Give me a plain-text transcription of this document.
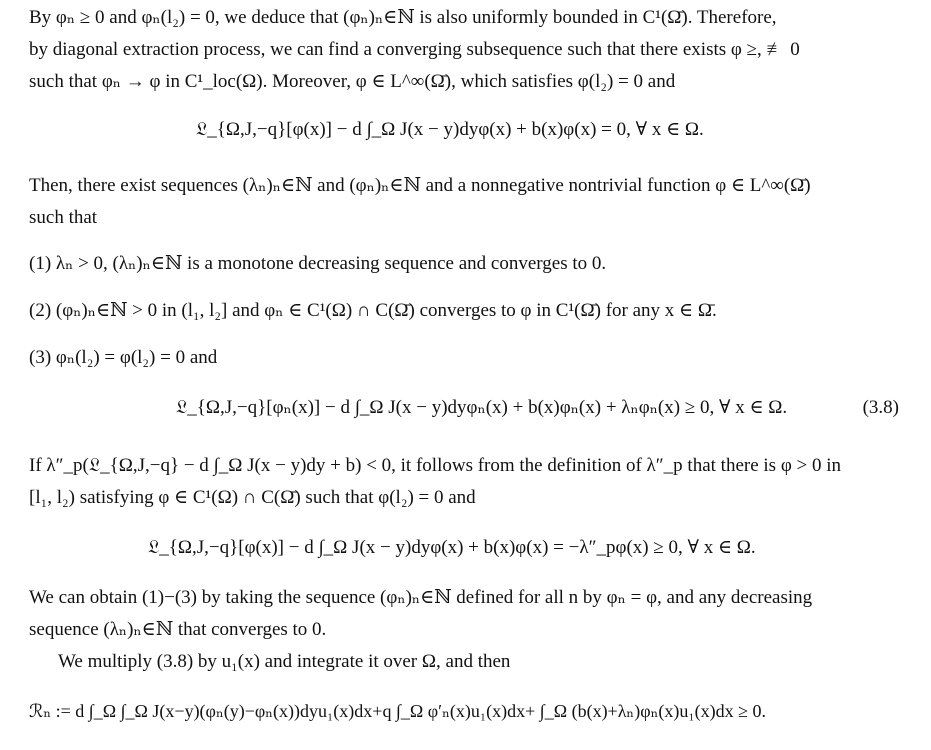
By φₙ ≥ 0 and φₙ(l₂) = 0, we deduce that (φₙ)ₙ∈ℕ is also uniformly bounded in C¹(Ω̄). Therefore,
by diagonal extraction process, we can find a converging subsequence such that there exists φ ≥, ≢ 0
such that φₙ → φ in C¹_loc(Ω). Moreover, φ ∈ L^∞(Ω̄), which satisfies φ(l₂) = 0 and
𝔏_{Ω,J,−q}[φ(x)] − d ∫_Ω J(x − y)dyφ(x) + b(x)φ(x) = 0, ∀ x ∈ Ω.
Then, there exist sequences (λₙ)ₙ∈ℕ and (φₙ)ₙ∈ℕ and a nonnegative nontrivial function φ ∈ L^∞(Ω̄)
such that
(1) λₙ > 0, (λₙ)ₙ∈ℕ is a monotone decreasing sequence and converges to 0.
(2) (φₙ)ₙ∈ℕ > 0 in (l₁, l₂] and φₙ ∈ C¹(Ω) ∩ C(Ω̄) converges to φ in C¹(Ω̄) for any x ∈ Ω̄.
(3) φₙ(l₂) = φ(l₂) = 0 and
𝔏_{Ω,J,−q}[φₙ(x)] − d ∫_Ω J(x − y)dyφₙ(x) + b(x)φₙ(x) + λₙφₙ(x) ≥ 0, ∀ x ∈ Ω.	(3.8)
If λ″_p(𝔏_{Ω,J,−q} − d ∫_Ω J(x − y)dy + b) < 0, it follows from the definition of λ″_p that there is φ > 0 in
[l₁, l₂) satisfying φ ∈ C¹(Ω) ∩ C(Ω̄) such that φ(l₂) = 0 and
𝔏_{Ω,J,−q}[φ(x)] − d ∫_Ω J(x − y)dyφ(x) + b(x)φ(x) = −λ″_pφ(x) ≥ 0, ∀ x ∈ Ω.
We can obtain (1)−(3) by taking the sequence (φₙ)ₙ∈ℕ defined for all n by φₙ = φ, and any decreasing
sequence (λₙ)ₙ∈ℕ that converges to 0.
We multiply (3.8) by u₁(x) and integrate it over Ω, and then
ℛₙ := d ∫_Ω ∫_Ω J(x−y)(φₙ(y)−φₙ(x))dyu₁(x)dx+q ∫_Ω φ′ₙ(x)u₁(x)dx+ ∫_Ω (b(x)+λₙ)φₙ(x)u₁(x)dx ≥ 0.
